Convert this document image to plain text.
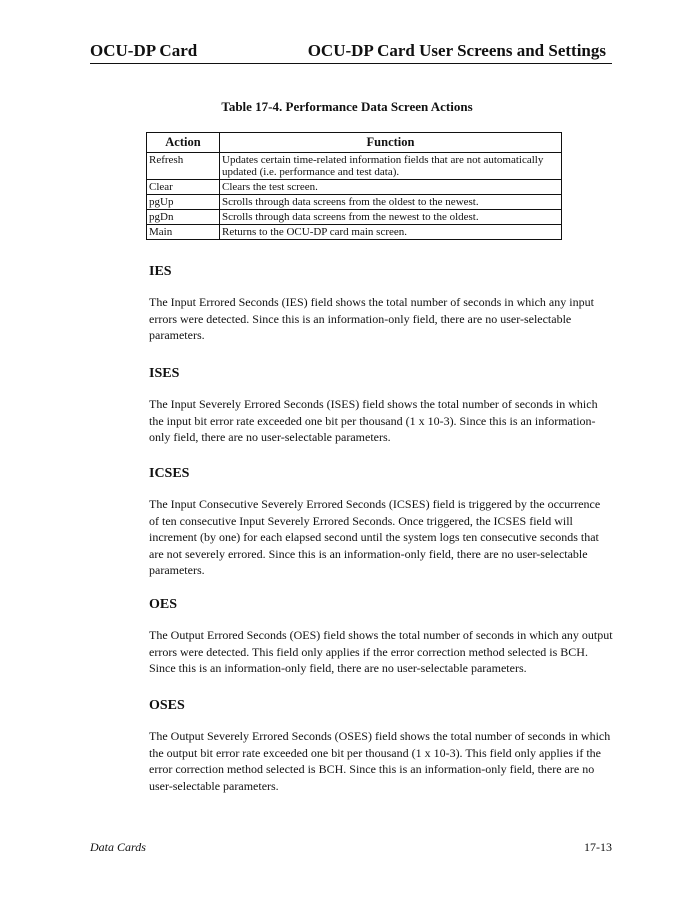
OCU-DP Card	OCU-DP Card User Screens and Settings
Table 17-4. Performance Data Screen Actions
Action	Function
Refresh	Updates certain time-related information fields that are not automatically updated (i.e. performance and test data).
Clear	Clears the test screen.
pgUp	Scrolls through data screens from the oldest to the newest.
pgDn	Scrolls through data screens from the newest to the oldest.
Main	Returns to the OCU-DP card main screen.
IES

The Input Errored Seconds (IES) field shows the total number of seconds in which any input errors were detected. Since this is an information-only field, there are no user-selectable parameters.

ISES

The Input Severely Errored Seconds (ISES) field shows the total number of seconds in which the input bit error rate exceeded one bit per thousand (1 x 10-3). Since this is an information-only field, there are no user-selectable parameters.

ICSES

The Input Consecutive Severely Errored Seconds (ICSES) field is triggered by the occurrence of ten consecutive Input Severely Errored Seconds. Once triggered, the ICSES field will increment (by one) for each elapsed second until the system logs ten consecutive seconds that are not severely errored. Since this is an information-only field, there are no user-selectable parameters.

OES

The Output Errored Seconds (OES) field shows the total number of seconds in which any output errors were detected. This field only applies if the error correction method selected is BCH. Since this is an information-only field, there are no user-selectable parameters.

OSES

The Output Severely Errored Seconds (OSES) field shows the total number of seconds in which the output bit error rate exceeded one bit per thousand (1 x 10-3). This field only applies if the error correction method selected is BCH. Since this is an information-only field, there are no user-selectable parameters.

Data Cards	17-13
